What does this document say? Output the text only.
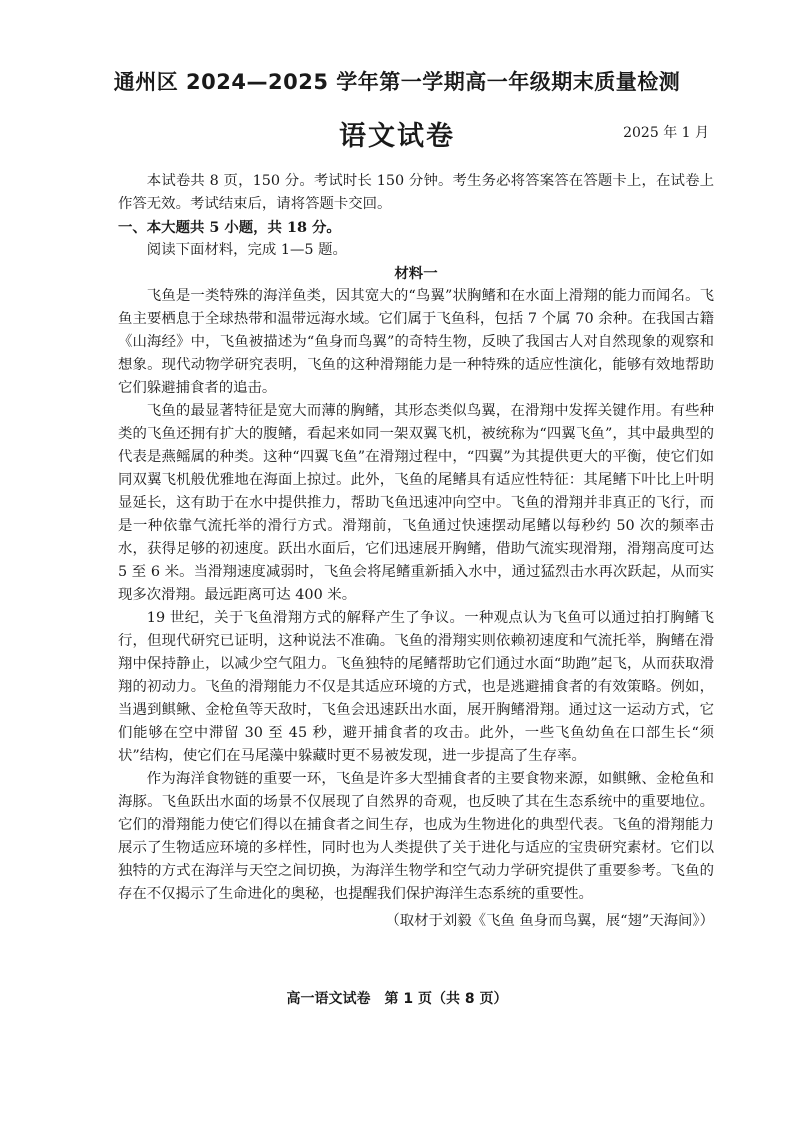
通州区 2024—2025 学年第一学期高一年级期末质量检测
语文试卷	2025 年 1 月

本试卷共 8 页，150 分。考试时长 150 分钟。考生务必将答案答在答题卡上，在试卷上作答无效。考试结束后，请将答题卡交回。

一、本大题共 5 小题，共 18 分。

阅读下面材料，完成 1—5 题。

材料一

飞鱼是一类特殊的海洋鱼类，因其宽大的“鸟翼”状胸鳍和在水面上滑翔的能力而闻名。飞鱼主要栖息于全球热带和温带远海水域。它们属于飞鱼科，包括 7 个属 70 余种。在我国古籍《山海经》中，飞鱼被描述为“鱼身而鸟翼”的奇特生物，反映了我国古人对自然现象的观察和想象。现代动物学研究表明，飞鱼的这种滑翔能力是一种特殊的适应性演化，能够有效地帮助它们躲避捕食者的追击。

飞鱼的最显著特征是宽大而薄的胸鳍，其形态类似鸟翼，在滑翔中发挥关键作用。有些种类的飞鱼还拥有扩大的腹鳍，看起来如同一架双翼飞机，被统称为“四翼飞鱼”，其中最典型的代表是燕鳐属的种类。这种“四翼飞鱼”在滑翔过程中，“四翼”为其提供更大的平衡，使它们如同双翼飞机般优雅地在海面上掠过。此外，飞鱼的尾鳍具有适应性特征：其尾鳍下叶比上叶明显延长，这有助于在水中提供推力，帮助飞鱼迅速冲向空中。飞鱼的滑翔并非真正的飞行，而是一种依靠气流托举的滑行方式。滑翔前，飞鱼通过快速摆动尾鳍以每秒约 50 次的频率击水，获得足够的初速度。跃出水面后，它们迅速展开胸鳍，借助气流实现滑翔，滑翔高度可达 5 至 6 米。当滑翔速度减弱时，飞鱼会将尾鳍重新插入水中，通过猛烈击水再次跃起，从而实现多次滑翔。最远距离可达 400 米。

19 世纪，关于飞鱼滑翔方式的解释产生了争议。一种观点认为飞鱼可以通过拍打胸鳍飞行，但现代研究已证明，这种说法不准确。飞鱼的滑翔实则依赖初速度和气流托举，胸鳍在滑翔中保持静止，以减少空气阻力。飞鱼独特的尾鳍帮助它们通过水面“助跑”起飞，从而获取滑翔的初动力。飞鱼的滑翔能力不仅是其适应环境的方式，也是逃避捕食者的有效策略。例如，当遇到鲯鳅、金枪鱼等天敌时，飞鱼会迅速跃出水面，展开胸鳍滑翔。通过这一运动方式，它们能够在空中滞留 30 至 45 秒，避开捕食者的攻击。此外，一些飞鱼幼鱼在口部生长“须状”结构，使它们在马尾藻中躲藏时更不易被发现，进一步提高了生存率。

作为海洋食物链的重要一环，飞鱼是许多大型捕食者的主要食物来源，如鲯鳅、金枪鱼和海豚。飞鱼跃出水面的场景不仅展现了自然界的奇观，也反映了其在生态系统中的重要地位。它们的滑翔能力使它们得以在捕食者之间生存，也成为生物进化的典型代表。飞鱼的滑翔能力展示了生物适应环境的多样性，同时也为人类提供了关于进化与适应的宝贵研究素材。它们以独特的方式在海洋与天空之间切换，为海洋生物学和空气动力学研究提供了重要参考。飞鱼的存在不仅揭示了生命进化的奥秘，也提醒我们保护海洋生态系统的重要性。

（取材于刘毅《飞鱼 鱼身而鸟翼，展“翅”天海间》）

高一语文试卷　第 1 页（共 8 页）
